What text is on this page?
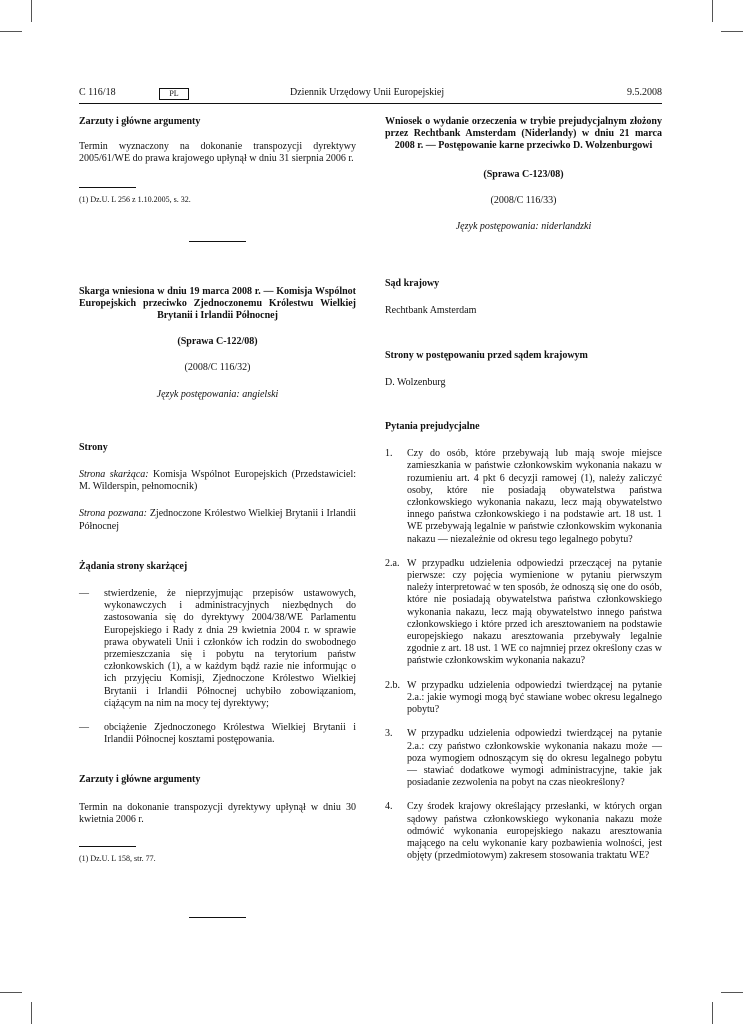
C 116/18	PL	Dziennik Urzędowy Unii Europejskiej	9.5.2008
Zarzuty i główne argumenty
Termin wyznaczony na dokonanie transpozycji dyrektywy 2005/61/WE do prawa krajowego upłynął w dniu 31 sierpnia 2006 r.
(1) Dz.U. L 256 z 1.10.2005, s. 32.
Skarga wniesiona w dniu 19 marca 2008 r. — Komisja Wspólnot Europejskich przeciwko Zjednoczonemu Królestwu Wielkiej Brytanii i Irlandii Północnej
(Sprawa C-122/08)
(2008/C 116/32)
Język postępowania: angielski
Strony
Strona skarżąca: Komisja Wspólnot Europejskich (Przedstawiciel: M. Wilderspin, pełnomocnik)
Strona pozwana: Zjednoczone Królestwo Wielkiej Brytanii i Irlandii Północnej
Żądania strony skarżącej
— stwierdzenie, że nieprzyjmując przepisów ustawowych, wykonawczych i administracyjnych niezbędnych do zastosowania się do dyrektywy 2004/38/WE Parlamentu Europejskiego i Rady z dnia 29 kwietnia 2004 r. w sprawie prawa obywateli Unii i członków ich rodzin do swobodnego przemieszczania się i pobytu na terytorium państw członkowskich (1), a w każdym bądź razie nie informując o ich przyjęciu Komisji, Zjednoczone Królestwo Wielkiej Brytanii i Irlandii Północnej uchybiło zobowiązaniom, ciążącym na nim na mocy tej dyrektywy;
— obciążenie Zjednoczonego Królestwa Wielkiej Brytanii i Irlandii Północnej kosztami postępowania.
Zarzuty i główne argumenty
Termin na dokonanie transpozycji dyrektywy upłynął w dniu 30 kwietnia 2006 r.
(1) Dz.U. L 158, str. 77.
Wniosek o wydanie orzeczenia w trybie prejudycjalnym złożony przez Rechtbank Amsterdam (Niderlandy) w dniu 21 marca 2008 r. — Postępowanie karne przeciwko D. Wolzenburgowi
(Sprawa C-123/08)
(2008/C 116/33)
Język postępowania: niderlandzki
Sąd krajowy
Rechtbank Amsterdam
Strony w postępowaniu przed sądem krajowym
D. Wolzenburg
Pytania prejudycjalne
1. Czy do osób, które przebywają lub mają swoje miejsce zamieszkania w państwie członkowskim wykonania nakazu w rozumieniu art. 4 pkt 6 decyzji ramowej (1), należy zaliczyć osoby, które nie posiadają obywatelstwa państwa członkowskiego wykonania nakazu, lecz mają obywatelstwo innego państwa członkowskiego i na podstawie art. 18 ust. 1 WE przebywają legalnie w państwie członkowskim wykonania nakazu — niezależnie od okresu tego legalnego pobytu?
2.a. W przypadku udzielenia odpowiedzi przeczącej na pytanie pierwsze: czy pojęcia wymienione w pytaniu pierwszym należy interpretować w ten sposób, że odnoszą się one do osób, które nie posiadają obywatelstwa państwa członkowskiego wykonania nakazu, lecz mają obywatelstwo innego państwa członkowskiego i które przed ich aresztowaniem na podstawie europejskiego nakazu aresztowania przebywały legalnie zgodnie z art. 18 ust. 1 WE co najmniej przez określony czas w państwie członkowskim wykonania nakazu?
2.b. W przypadku udzielenia odpowiedzi twierdzącej na pytanie 2.a.: jakie wymogi mogą być stawiane wobec okresu legalnego pobytu?
3. W przypadku udzielenia odpowiedzi twierdzącej na pytanie 2.a.: czy państwo członkowskie wykonania nakazu może — poza wymogiem odnoszącym się do okresu legalnego pobytu — stawiać dodatkowe wymogi administracyjne, takie jak posiadanie zezwolenia na pobyt na czas nieokreślony?
4. Czy środek krajowy określający przesłanki, w których organ sądowy państwa członkowskiego wykonania nakazu może odmówić wykonania europejskiego nakazu aresztowania mającego na celu wykonanie kary pozbawienia wolności, jest objęty (przedmiotowym) zakresem stosowania traktatu WE?
